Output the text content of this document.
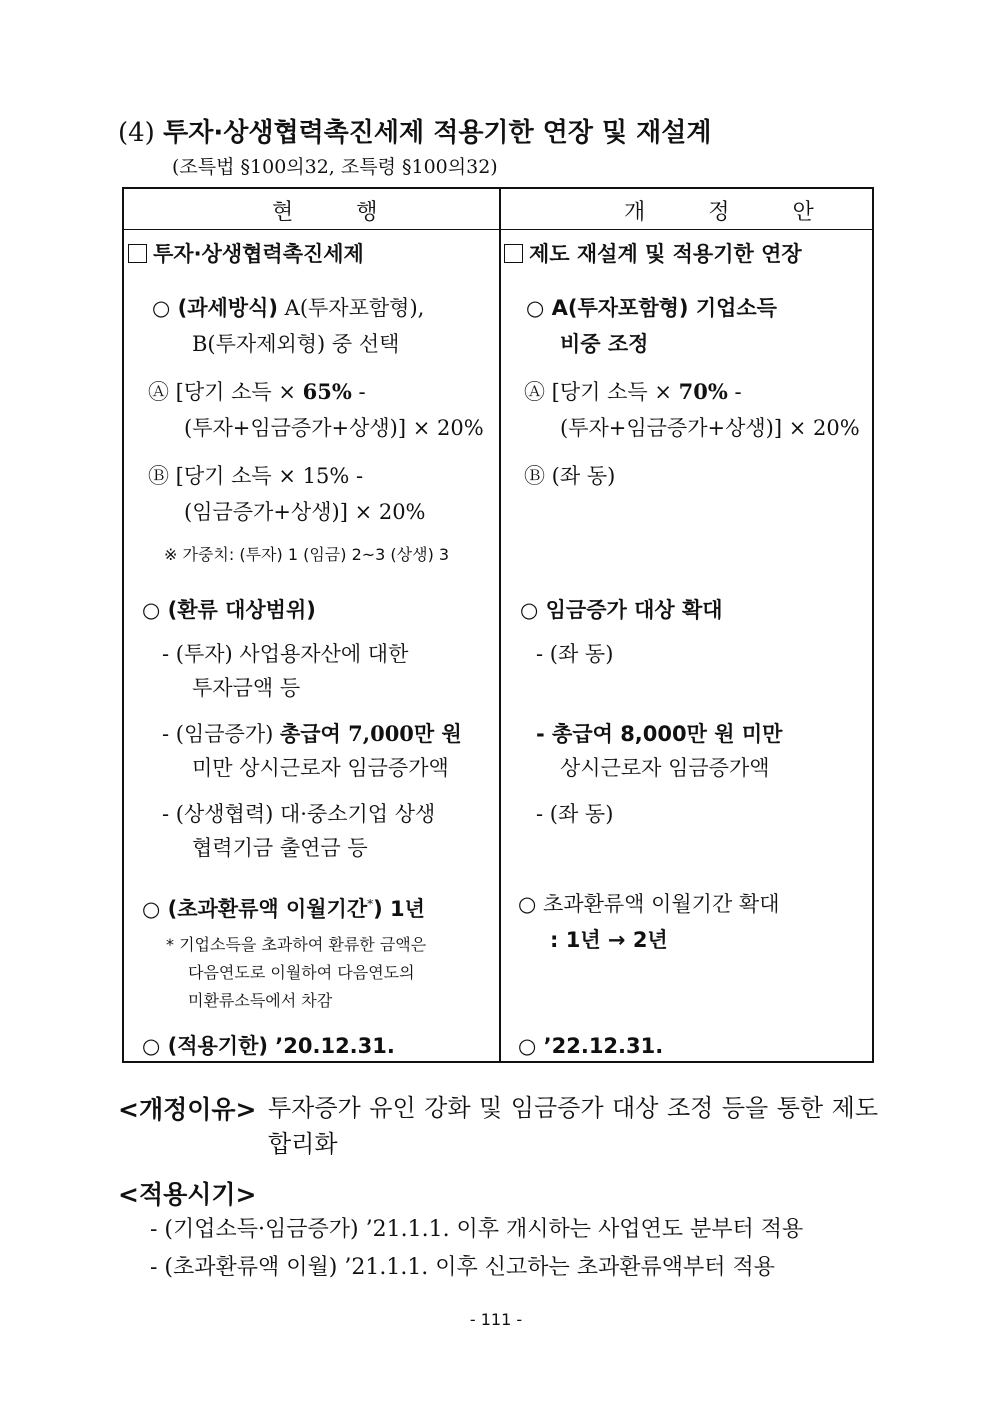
(4) 투자·상생협력촉진세제 적용기한 연장 및 재설계
(조특법 §100의32, 조특령 §100의32)
현 행	개 정 안
투자·상생협력촉진세제
○ (과세방식) A(투자포함형),
B(투자제외형) 중 선택
Ⓐ [당기 소득 × 65% -
(투자+임금증가+상생)] × 20%
Ⓑ [당기 소득 × 15% -
(임금증가+상생)] × 20%
※ 가중치: (투자) 1 (임금) 2~3 (상생) 3
○ (환류 대상범위)
- (투자) 사업용자산에 대한
투자금액 등
- (임금증가) 총급여 7,000만 원
미만 상시근로자 임금증가액
- (상생협력) 대·중소기업 상생
협력기금 출연금 등
○ (초과환류액 이월기간*) 1년
* 기업소득을 초과하여 환류한 금액은
다음연도로 이월하여 다음연도의
미환류소득에서 차감
○ (적용기한) ’20.12.31.
제도 재설계 및 적용기한 연장
○ A(투자포함형) 기업소득
비중 조정
Ⓐ [당기 소득 × 70% -
(투자+임금증가+상생)] × 20%
Ⓑ (좌 동)
○ 임금증가 대상 확대
- (좌 동)
- 총급여 8,000만 원 미만
상시근로자 임금증가액
- (좌 동)
○ 초과환류액 이월기간 확대
: 1년 → 2년
○ ’22.12.31.
<개정이유> 투자증가 유인 강화 및 임금증가 대상 조정 등을 통한 제도 합리화
<적용시기>
- (기업소득·임금증가) ’21.1.1. 이후 개시하는 사업연도 분부터 적용
- (초과환류액 이월) ’21.1.1. 이후 신고하는 초과환류액부터 적용
- 111 -
